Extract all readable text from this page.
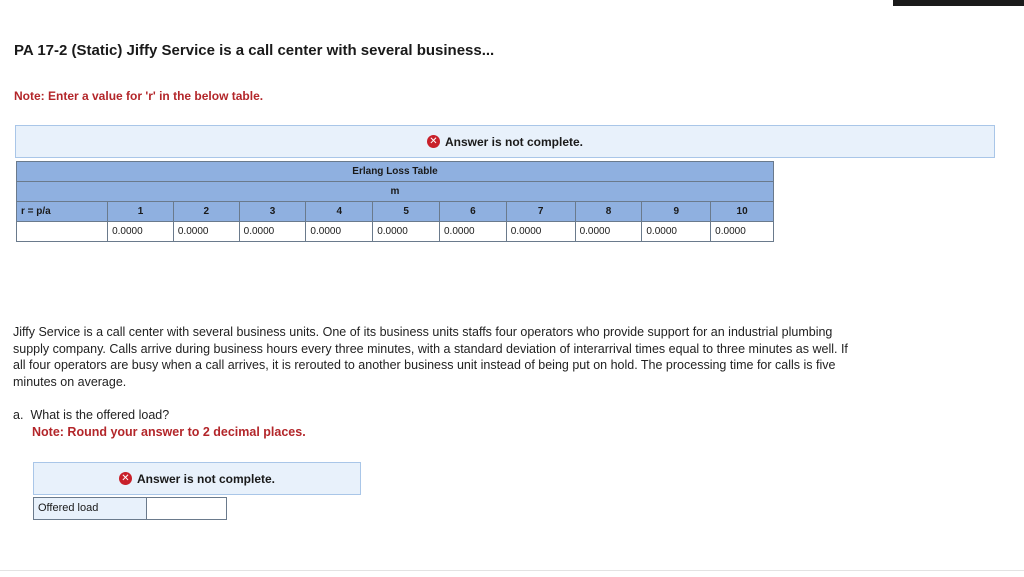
PA 17-2 (Static) Jiffy Service is a call center with several business...
Note: Enter a value for 'r' in the below table.
✕ Answer is not complete.
Erlang Loss Table										
m										
r = p/a	1	2	3	4	5	6	7	8	9	10
	0.0000	0.0000	0.0000	0.0000	0.0000	0.0000	0.0000	0.0000	0.0000	0.0000
Jiffy Service is a call center with several business units. One of its business units staffs four operators who provide support for an industrial plumbing supply company. Calls arrive during business hours every three minutes, with a standard deviation of interarrival times equal to three minutes as well. If all four operators are busy when a call arrives, it is rerouted to another business unit instead of being put on hold. The processing time for calls is five minutes on average.
a. What is the offered load?
Note: Round your answer to 2 decimal places.
✕ Answer is not complete.
Offered load
